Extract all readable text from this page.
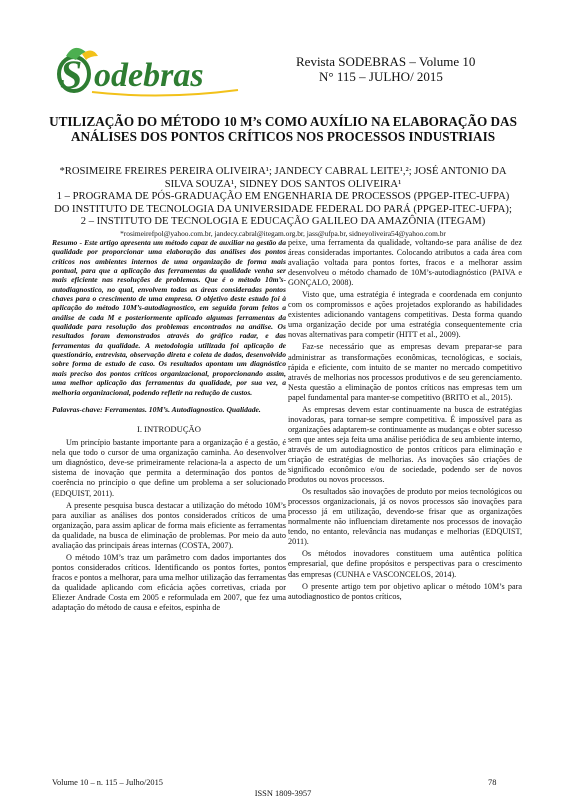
S odebras	Revista SODEBRAS – Volume 10
N° 115 – JULHO/ 2015
UTILIZAÇÃO DO MÉTODO 10 M’s COMO AUXÍLIO NA ELABORAÇÃO DAS ANÁLISES DOS PONTOS CRÍTICOS NOS PROCESSOS INDUSTRIAIS
*ROSIMEIRE FREIRES PEREIRA OLIVEIRA¹; JANDECY CABRAL LEITE¹,²; JOSÉ ANTONIO DA SILVA SOUZA¹, SIDNEY DOS SANTOS OLIVEIRA¹
1 – PROGRAMA DE PÓS-GRADUAÇÃO EM ENGENHARIA DE PROCESSOS (PPGEP-ITEC-UFPA) DO INSTITUTO DE TECNOLOGIA DA UNIVERSIDADE FEDERAL DO PARÁ (PPGEP-ITEC-UFPA);
2 – INSTITUTO DE TECNOLOGIA E EDUCAÇÃO GALILEO DA AMAZÔNIA (ITEGAM)
*rosimeirefpol@yahoo.com.br, jandecy.cabral@itegam.org.br, jass@ufpa.br, sidneyoliveira54@yahoo.com.br

Resumo - Este artigo apresenta um método capaz de auxiliar na gestão da qualidade por proporcionar uma elaboração das análises dos pontos críticos nos ambientes internos de uma organização de forma mais pontual, para que a aplicação das ferramentas da qualidade venha ser mais eficiente nas resoluções de problemas. Que é o método 10m’s- autodiagnostico, no qual, envolvem todas as áreas consideradas pontos chaves para o crescimento de uma empresa. O objetivo deste estudo foi à aplicação do método 10M’s-autodiagnostico, em seguida foram feitos a análise de cada M e posteriormente aplicado algumas ferramentas da qualidade para resolução dos problemas encontrados na análise. Os resultados foram demonstrados através do gráfico radar, e das ferramentas da qualidade. A metodologia utilizada foi aplicação de questionário, entrevista, observação direta e coleta de dados, desenvolvido sobre forma de estudo de caso. Os resultados apontam um diagnóstico mais preciso dos pontos críticos organizacional, proporcionando assim, uma melhor aplicação das ferramentas da qualidade, por sua vez, a melhoria organizacional, podendo refletir na redução de custos.

Palavras-chave: Ferramentas. 10M’s. Autodiagnostico. Qualidade.

I. INTRODUÇÃO

Um princípio bastante importante para a organização é a gestão, é nela que todo o cursor de uma organização caminha. Ao desenvolver um diagnóstico, deve-se primeiramente relaciona-la a aspecto de um sistema de inovação que permita a determinação dos pontos de coerência no princípio o que define um problema a ser solucionado (EDQUIST, 2011).

A presente pesquisa busca destacar a utilização do método 10M’s para auxiliar as análises dos pontos considerados críticos de uma organização, para assim aplicar de forma mais eficiente as ferramentas da qualidade, na busca de eliminação de problemas. Por meio da auto avaliação das principais áreas internas (COSTA, 2007).

O método 10M’s traz um parâmetro com dados importantes dos pontos considerados críticos. Identificando os pontos fortes, pontos fracos e pontos a melhorar, para uma melhor utilização das ferramentas da qualidade aplicando com eficácia ações corretivas, criada por Eliezer Andrade Costa em 2005 e reformulada em 2007, que fez uma adaptação do método de causa e efeitos, espinha de

peixe, uma ferramenta da qualidade, voltando-se para análise de dez áreas consideradas importantes. Colocando atributos a cada área com avaliação voltada para pontos fortes, fracos e a melhorar assim desenvolveu o método chamado de 10M’s-autodiagnóstico (PAIVA e GONÇALO, 2008).

Visto que, uma estratégia é integrada e coordenada em conjunto com os compromissos e ações projetados explorando as habilidades existentes adicionando vantagens competitivas. Desta forma quando uma organização decide por uma estratégia consequentemente cria novas alternativas para competir (HITT et al., 2009).

Faz-se necessário que as empresas devam preparar-se para administrar as transformações econômicas, tecnológicas, e sociais, rápida e eficiente, com intuito de se manter no mercado competitivo através de melhorias nos processos produtivos e de seu gerenciamento. Nesta questão a eliminação de pontos críticos nas empresas tem um papel fundamental para manter-se competitivo (BRITO et al., 2015).

As empresas devem estar continuamente na busca de estratégias inovadoras, para tornar-se sempre competitiva. É impossível para as organizações adaptarem-se continuamente as mudanças e obter sucesso sem que antes seja feita uma análise periódica de seu ambiente interno, através de um autodiagnostico de pontos críticos para eliminação e criação de estratégias de melhorias. As inovações são criações de significado econômico e/ou de sociedade, podendo ser de novos produtos ou novos processos.

Os resultados são inovações de produto por meios tecnológicos ou processos organizacionais, já os novos processos são inovações para processo já em utilização, devendo-se frisar que as organizações normalmente não influenciam diretamente nos processos de inovação tendo, no entanto, relevância nas mudanças e melhorias (EDQUIST, 2011).

Os métodos inovadores constituem uma autêntica política empresarial, que define propósitos e perspectivas para o crescimento das empresas (CUNHA e VASCONCELOS, 2014).

O presente artigo tem por objetivo aplicar o método 10M’s para autodiagnostico de pontos críticos,

Volume 10 – n. 115 – Julho/2015	78
ISSN 1809-3957
